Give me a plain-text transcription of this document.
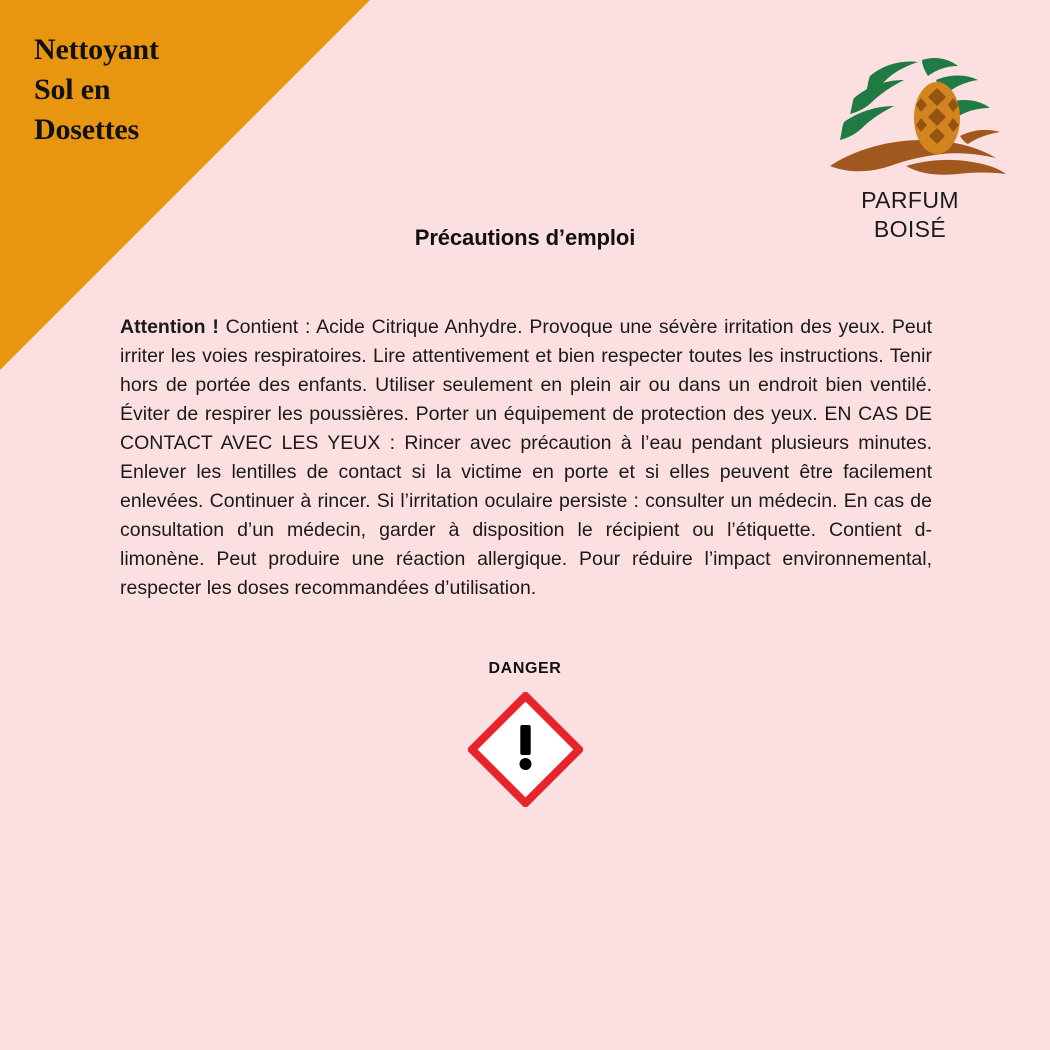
Nettoyant
Sol en
Dosettes
PARFUM
BOISÉ
Précautions d’emploi

Attention ! Contient : Acide Citrique Anhydre. Provoque une sévère irritation des yeux. Peut irriter les voies respiratoires. Lire attentivement et bien respecter toutes les instructions. Tenir hors de portée des enfants. Utiliser seulement en plein air ou dans un endroit bien ventilé. Éviter de respirer les poussières. Porter un équipement de protection des yeux. EN CAS DE CONTACT AVEC LES YEUX : Rincer avec précaution à l’eau pendant plusieurs minutes. Enlever les lentilles de contact si la victime en porte et si elles peuvent être facilement enlevées. Continuer à rincer. Si l’irritation oculaire persiste : consulter un médecin. En cas de consultation d’un médecin, garder à disposition le récipient ou l’étiquette. Contient d-limonène. Peut produire une réaction allergique. Pour réduire l’impact environnemental, respecter les doses recommandées d’utilisation.

DANGER
